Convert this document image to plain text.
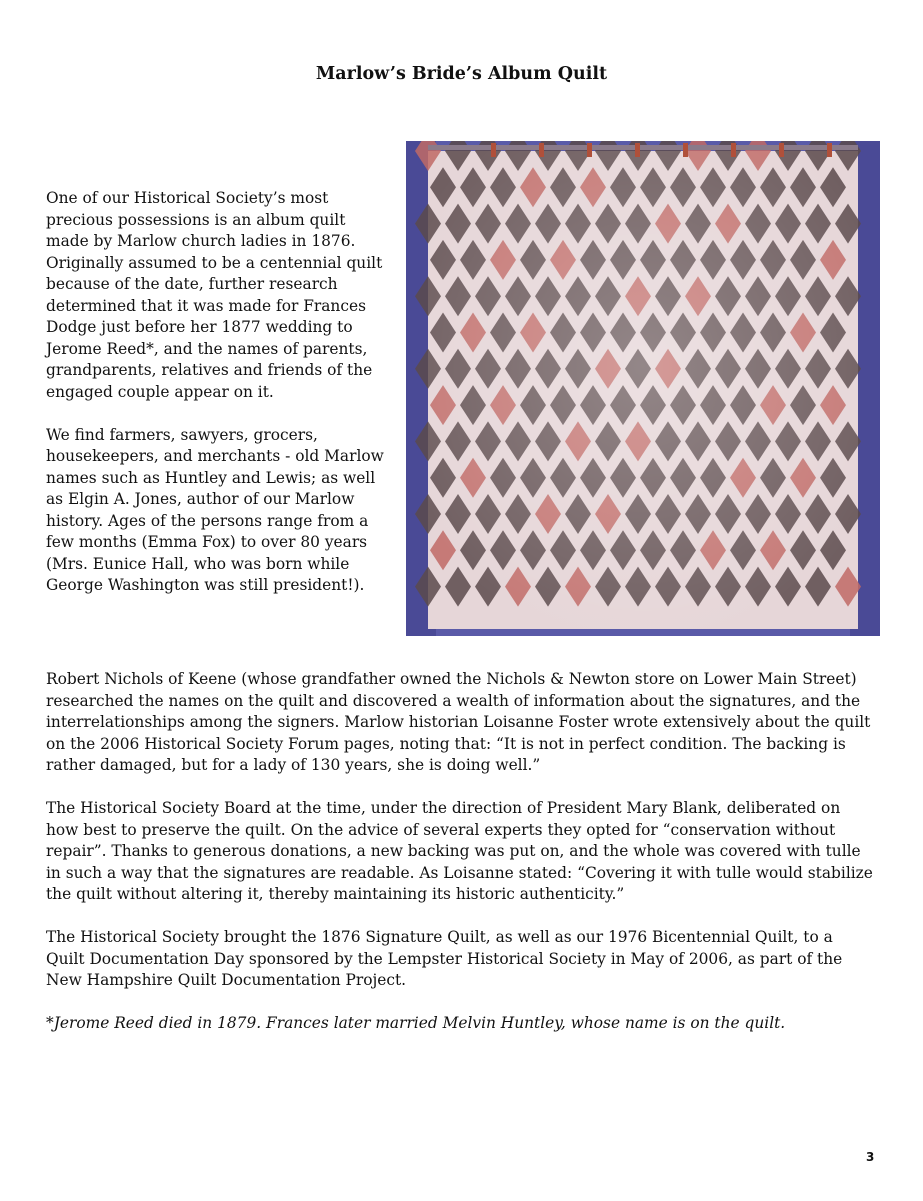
Marlow’s Bride’s Album Quilt

One of our Historical Society’s most precious possessions is an album quilt made by Marlow church ladies in 1876. Originally assumed to be a centennial quilt because of the date, further research determined that it was made for Frances Dodge just before her 1877 wedding to Jerome Reed*, and the names of parents, grandparents, relatives and friends of the engaged couple appear on it.

We find farmers, sawyers, grocers, housekeepers, and merchants - old Marlow names such as Huntley and Lewis; as well as Elgin A. Jones, author of our Marlow history. Ages of the persons range from a few months (Emma Fox) to over 80 years (Mrs. Eunice Hall, who was born while George Washington was still president!).

Robert Nichols of Keene (whose grandfather owned the Nichols & Newton store on Lower Main Street) researched the names on the quilt and discovered a wealth of information about the signatures, and the interrelationships among the signers. Marlow historian Loisanne Foster wrote extensively about the quilt on the 2006 Historical Society Forum pages, noting that: “It is not in perfect condition. The backing is rather damaged, but for a lady of 130 years, she is doing well.”

The Historical Society Board at the time, under the direction of President Mary Blank, deliberated on how best to preserve the quilt. On the advice of several experts they opted for “conservation without repair”. Thanks to generous donations, a new backing was put on, and the whole was covered with tulle in such a way that the signatures are readable. As Loisanne stated: “Covering it with tulle would stabilize the quilt without altering it, thereby maintaining its historic authenticity.”

The Historical Society brought the 1876 Signature Quilt, as well as our 1976 Bicentennial Quilt, to a Quilt Documentation Day sponsored by the Lempster Historical Society in May of 2006, as part of the New Hampshire Quilt Documentation Project.

*Jerome Reed died in 1879. Frances later married Melvin Huntley, whose name is on the quilt.

3
